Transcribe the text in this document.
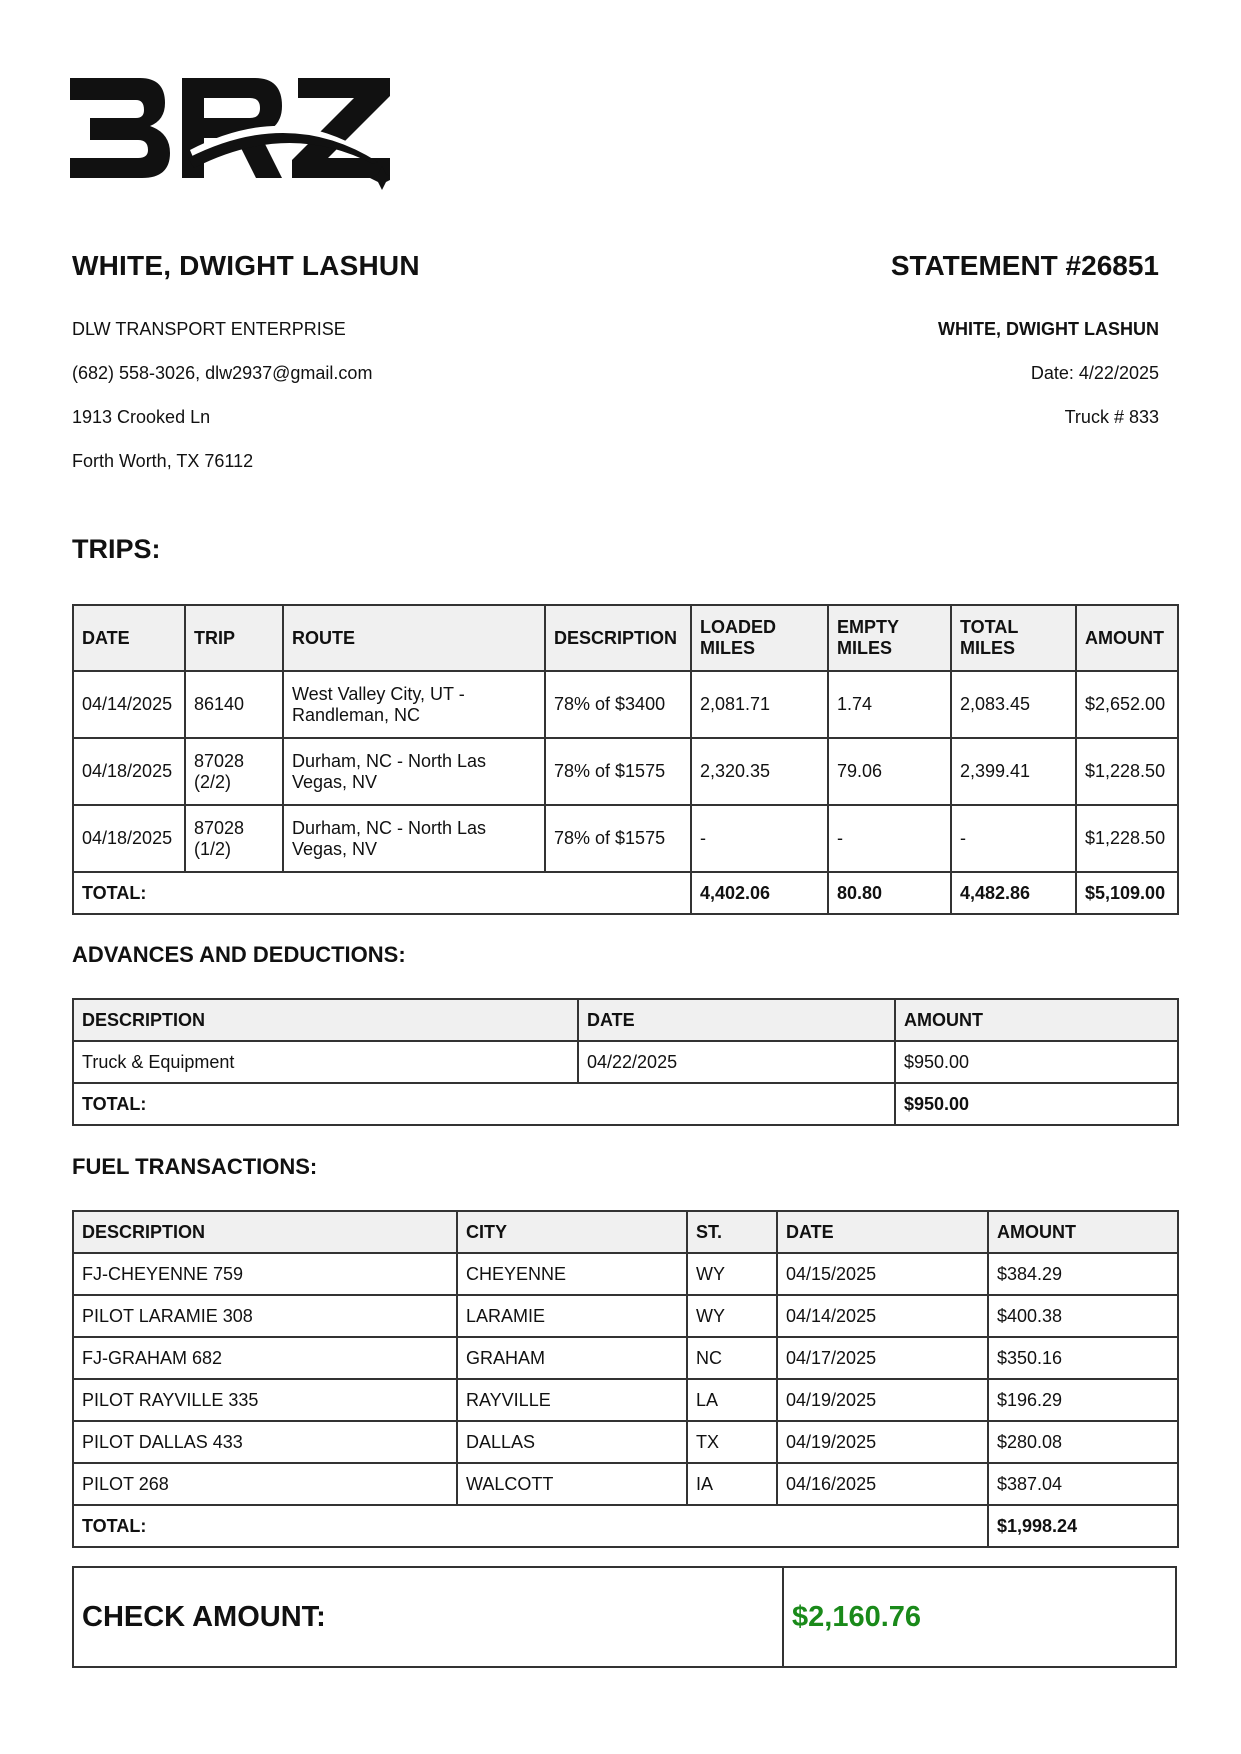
WHITE, DWIGHT LASHUN
DLW TRANSPORT ENTERPRISE
(682) 558-3026, dlw2937@gmail.com
1913 Crooked Ln
Forth Worth, TX 76112
STATEMENT #26851
WHITE, DWIGHT LASHUN
Date: 4/22/2025
Truck # 833
TRIPS:
DATE	TRIP	ROUTE	DESCRIPTION	LOADED MILES	EMPTY MILES	TOTAL MILES	AMOUNT
04/14/2025	86140	West Valley City, UT - Randleman, NC	78% of $3400	2,081.71	1.74	2,083.45	$2,652.00
04/18/2025	87028 (2/2)	Durham, NC - North Las Vegas, NV	78% of $1575	2,320.35	79.06	2,399.41	$1,228.50
04/18/2025	87028 (1/2)	Durham, NC - North Las Vegas, NV	78% of $1575	-	-	-	$1,228.50
TOTAL:				4,402.06	80.80	4,482.86	$5,109.00
ADVANCES AND DEDUCTIONS:
DESCRIPTION	DATE	AMOUNT
Truck & Equipment	04/22/2025	$950.00
TOTAL:		$950.00
FUEL TRANSACTIONS:
DESCRIPTION	CITY	ST.	DATE	AMOUNT
FJ-CHEYENNE 759	CHEYENNE	WY	04/15/2025	$384.29
PILOT LARAMIE 308	LARAMIE	WY	04/14/2025	$400.38
FJ-GRAHAM 682	GRAHAM	NC	04/17/2025	$350.16
PILOT RAYVILLE 335	RAYVILLE	LA	04/19/2025	$196.29
PILOT DALLAS 433	DALLAS	TX	04/19/2025	$280.08
PILOT 268	WALCOTT	IA	04/16/2025	$387.04
TOTAL:				$1,998.24
CHECK AMOUNT:	$2,160.76
